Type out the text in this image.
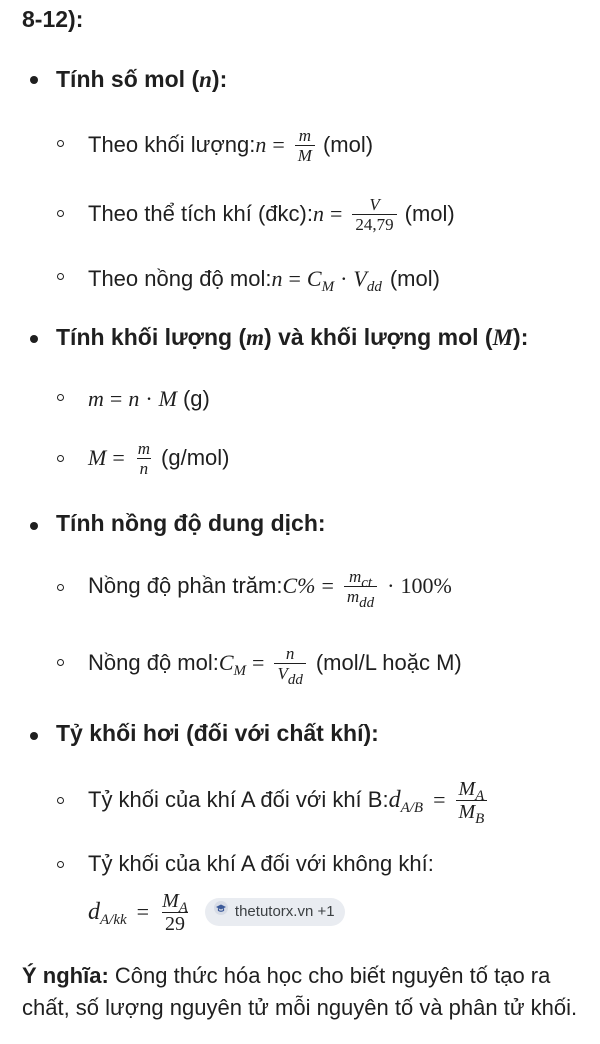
8-12):
Tính số mol (n):
Theo khối lượng: $n = \frac{m}{M} (mol)$
Theo thể tích khí (đkc): $n = \frac{V}{24,79} (mol)$
Theo nồng độ mol: $n = C_M \cdot V_{dd}$ (mol)
Tính khối lượng (m) và khối lượng mol (M):
m = n · M (g)
$M = \frac{m}{n} (g/mol)$
Tính nồng độ dung dịch:
Nồng độ phần trăm: $C\% = \frac{m_{ct}}{m_{dd}} \cdot 100\%$
Nồng độ mol: $C_M = \frac{n}{V_{dd}} (mol/L$ hoặc M)
Tỷ khối hơi (đối với chất khí):
Tỷ khối của khí A đối với khí B: $d_{A/B} = \frac{M_A}{M_B}$
Tỷ khối của khí A đối với không khí:
$d_{A/kk} = \frac{M_A}{29}$	thetutorx.vn +1
Ý nghĩa: Công thức hóa học cho biết nguyên tố tạo ra chất, số lượng nguyên tử mỗi nguyên tố và phân tử khối.
